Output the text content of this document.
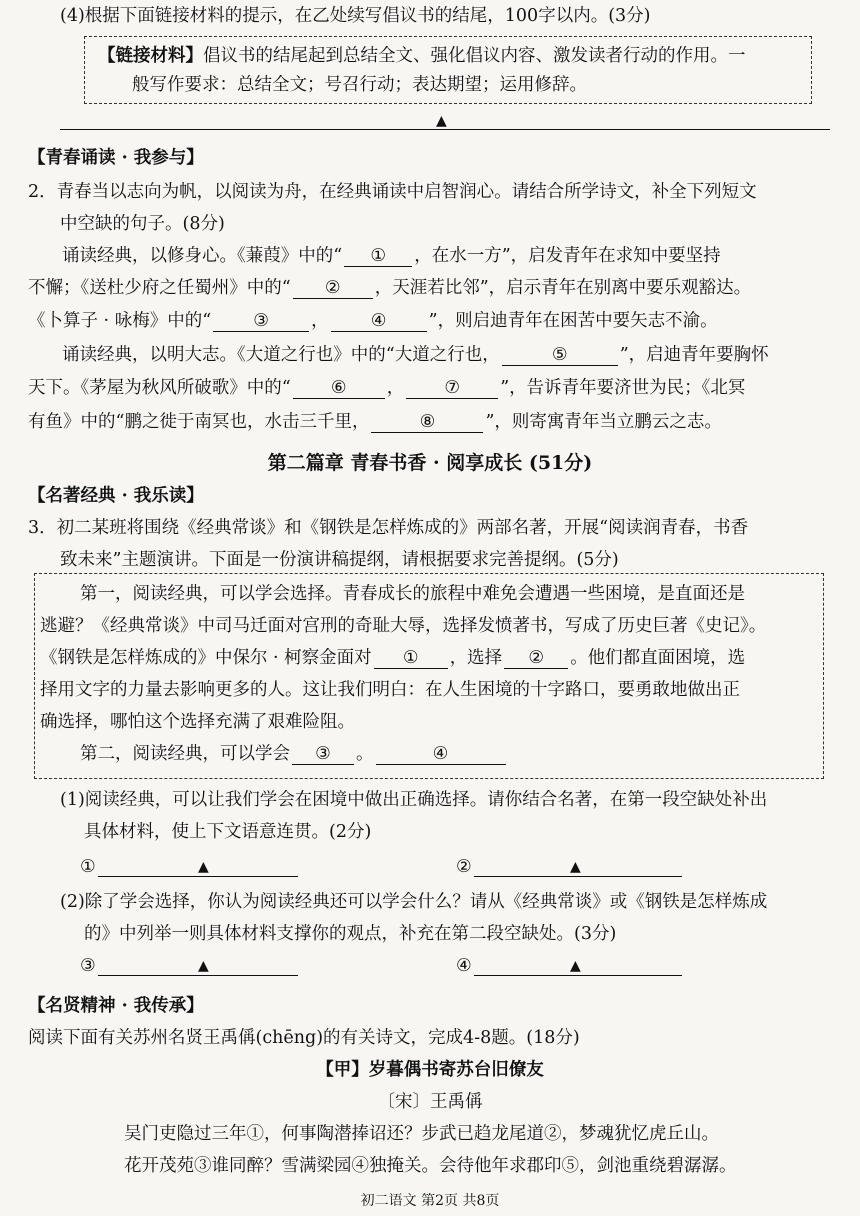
(4)根据下面链接材料的提示，在乙处续写倡议书的结尾，100字以内。(3分)
【链接材料】倡议书的结尾起到总结全文、强化倡议内容、激发读者行动的作用。一
般写作要求：总结全文；号召行动；表达期望；运用修辞。
▲
【青春诵读 · 我参与】
2．青春当以志向为帆，以阅读为舟，在经典诵读中启智润心。请结合所学诗文，补全下列短文
中空缺的句子。(8分)
诵读经典，以修身心。《蒹葭》中的“ ① ，在水一方”，启发青年在求知中要坚持
不懈；《送杜少府之任蜀州》中的“ ② ，天涯若比邻”，启示青年在别离中要乐观豁达。
《卜算子 · 咏梅》中的“ ③ ， ④ ”，则启迪青年在困苦中要矢志不渝。
诵读经典，以明大志。《大道之行也》中的“大道之行也，	⑤	”，启迪青年要胸怀
天下。《茅屋为秋风所破歌》中的“ ⑥ ， ⑦ ”，告诉青年要济世为民；《北冥
有鱼》中的“鹏之徙于南冥也，水击三千里，	⑧	”，则寄寓青年当立鹏云之志。
第二篇章 青春书香 · 阅享成长 (51分)
【名著经典 · 我乐读】
3．初二某班将围绕《经典常谈》和《钢铁是怎样炼成的》两部名著，开展“阅读润青春，书香
致未来”主题演讲。下面是一份演讲稿提纲，请根据要求完善提纲。(5分)
第一，阅读经典，可以学会选择。青春成长的旅程中难免会遭遇一些困境，是直面还是
逃避？《经典常谈》中司马迁面对宫刑的奇耻大辱，选择发愤著书，写成了历史巨著《史记》。
《钢铁是怎样炼成的》中保尔 · 柯察金面对 ① ，选择 ② 。他们都直面困境，选
择用文字的力量去影响更多的人。这让我们明白：在人生困境的十字路口，要勇敢地做出正
确选择，哪怕这个选择充满了艰难险阻。
第二，阅读经典，可以学会 ③ 。	④
(1)阅读经典，可以让我们学会在困境中做出正确选择。请你结合名著，在第一段空缺处补出
具体材料，使上下文语意连贯。(2分)
①	▲	②	▲
(2)除了学会选择，你认为阅读经典还可以学会什么？请从《经典常谈》或《钢铁是怎样炼成
的》中列举一则具体材料支撑你的观点，补充在第二段空缺处。(3分)
③	▲	④	▲
【名贤精神 · 我传承】
阅读下面有关苏州名贤王禹偁(chēng)的有关诗文，完成4-8题。(18分)
【甲】岁暮偶书寄苏台旧僚友
〔宋〕王禹偁
吴门吏隐过三年①，何事陶潜捧诏还？步武已趋龙尾道②，梦魂犹忆虎丘山。
花开茂苑③谁同醉？雪满梁园④独掩关。会待他年求郡印⑤，剑池重绕碧潺潺。
初二语文 第2页 共8页
